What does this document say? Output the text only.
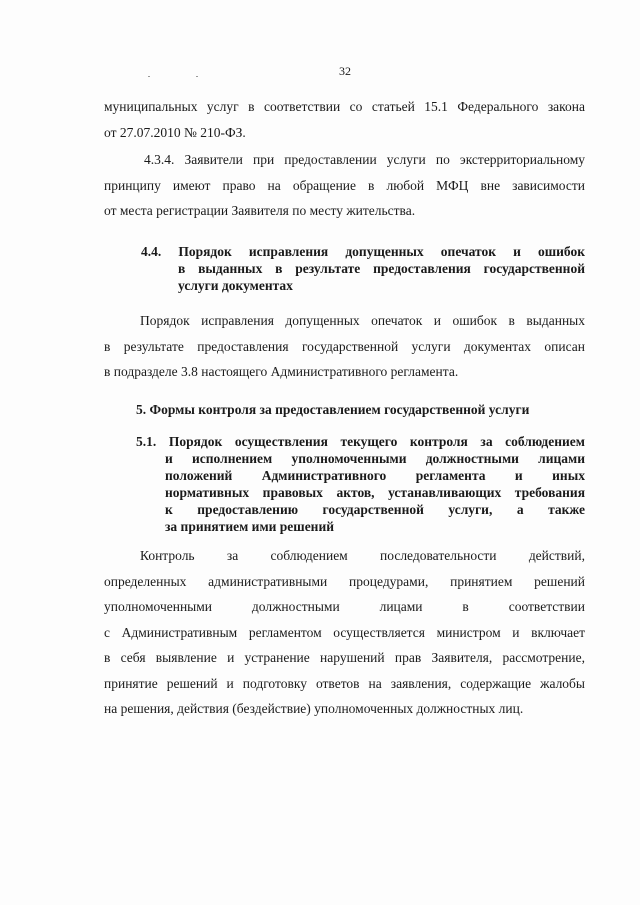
32
муниципальных услуг в соответствии со статьей 15.1 Федерального закона
от 27.07.2010 № 210-ФЗ.
4.3.4. Заявители при предоставлении услуги по экстерриториальному
принципу имеют право на обращение в любой МФЦ вне зависимости
от места регистрации Заявителя по месту жительства.
4.4. Порядок исправления допущенных опечаток и ошибок
в выданных в результате предоставления государственной
услуги документах
Порядок исправления допущенных опечаток и ошибок в выданных
в результате предоставления государственной услуги документах описан
в подразделе 3.8 настоящего Административного регламента.
5. Формы контроля за предоставлением государственной услуги
5.1. Порядок осуществления текущего контроля за соблюдением
и исполнением уполномоченными должностными лицами
положений Административного регламента и иных
нормативных правовых актов, устанавливающих требования
к предоставлению государственной услуги, а также
за принятием ими решений
Контроль за соблюдением последовательности действий,
определенных административными процедурами, принятием решений
уполномоченными должностными лицами в соответствии
с Административным регламентом осуществляется министром и включает
в себя выявление и устранение нарушений прав Заявителя, рассмотрение,
принятие решений и подготовку ответов на заявления, содержащие жалобы
на решения, действия (бездействие) уполномоченных должностных лиц.
